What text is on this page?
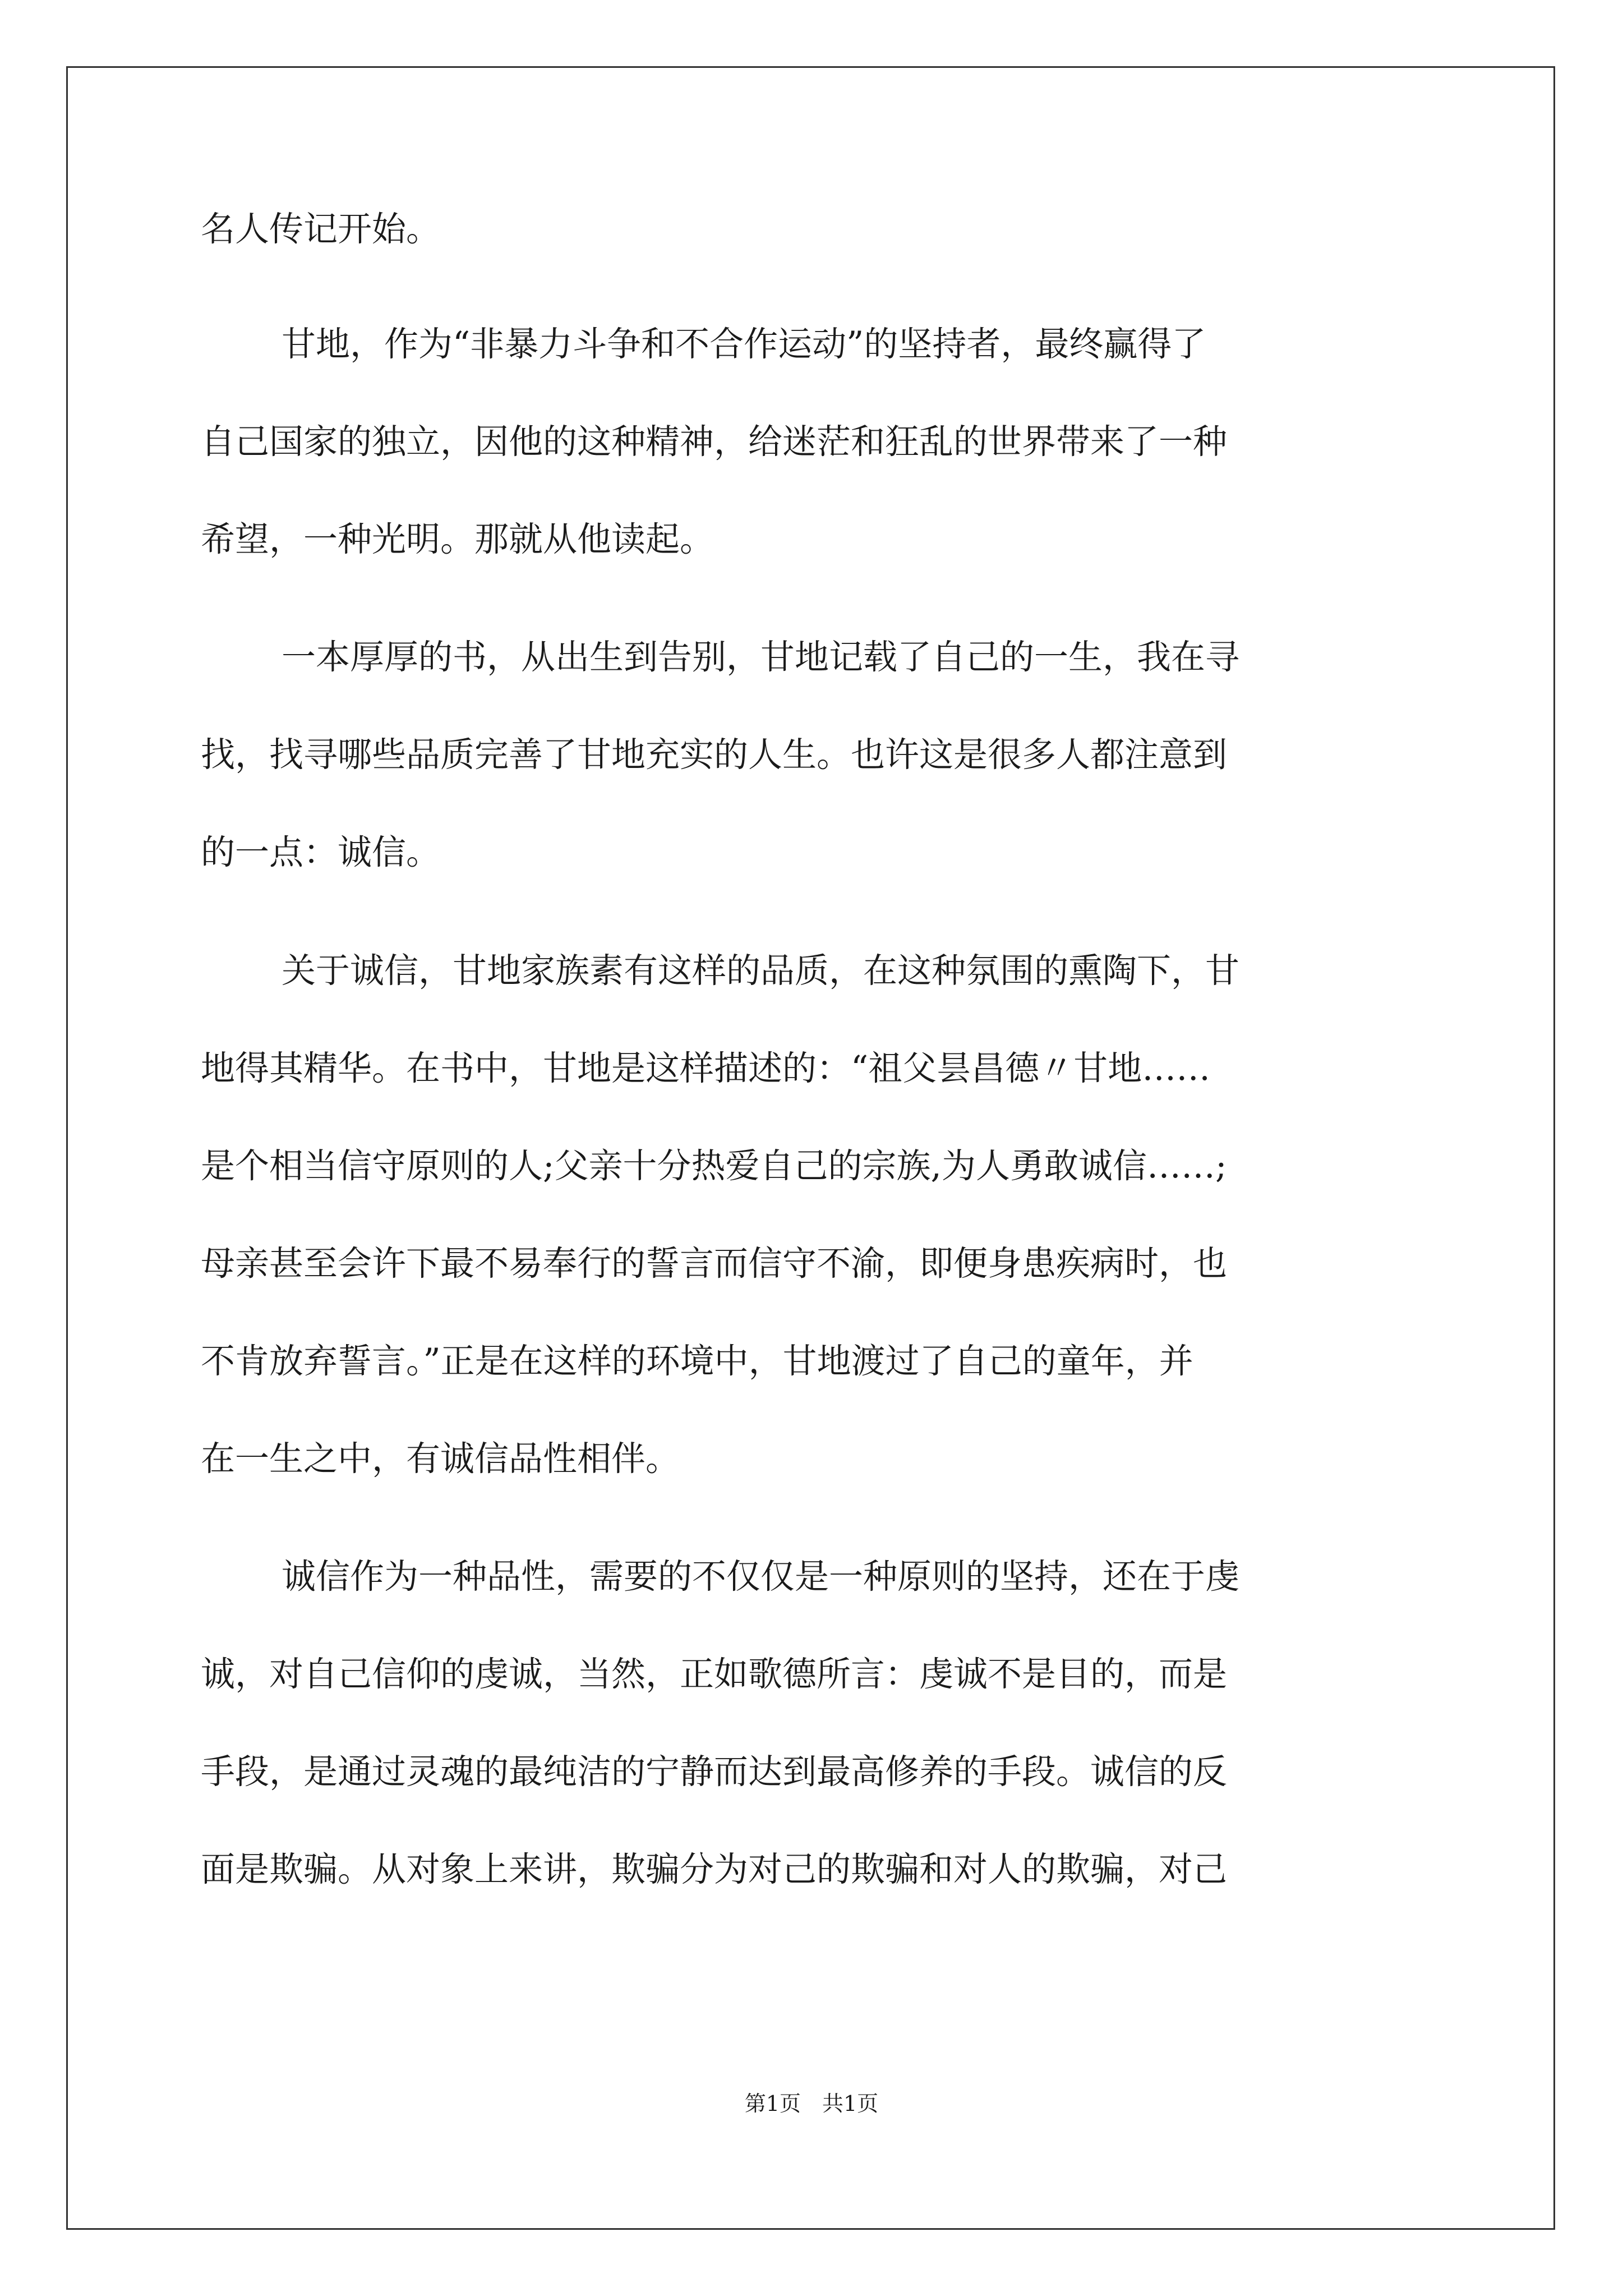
名人传记开始。
甘地，作为“非暴力斗争和不合作运动”的坚持者，最终赢得了
自己国家的独立，因他的这种精神，给迷茫和狂乱的世界带来了一种
希望，一种光明。那就从他读起。
一本厚厚的书，从出生到告别，甘地记载了自己的一生，我在寻
找，找寻哪些品质完善了甘地充实的人生。也许这是很多人都注意到
的一点：诚信。
关于诚信，甘地家族素有这样的品质，在这种氛围的熏陶下，甘
地得其精华。在书中，甘地是这样描述的：“祖父昙昌德〃甘地……
是个相当信守原则的人;父亲十分热爱自己的宗族,为人勇敢诚信……;
母亲甚至会许下最不易奉行的誓言而信守不渝，即便身患疾病时，也
不肯放弃誓言。”正是在这样的环境中，甘地渡过了自己的童年，并
在一生之中，有诚信品性相伴。
诚信作为一种品性，需要的不仅仅是一种原则的坚持，还在于虔
诚，对自己信仰的虔诚，当然，正如歌德所言：虔诚不是目的，而是
手段，是通过灵魂的最纯洁的宁静而达到最高修养的手段。诚信的反
面是欺骗。从对象上来讲，欺骗分为对己的欺骗和对人的欺骗，对己
第1页　共1页
